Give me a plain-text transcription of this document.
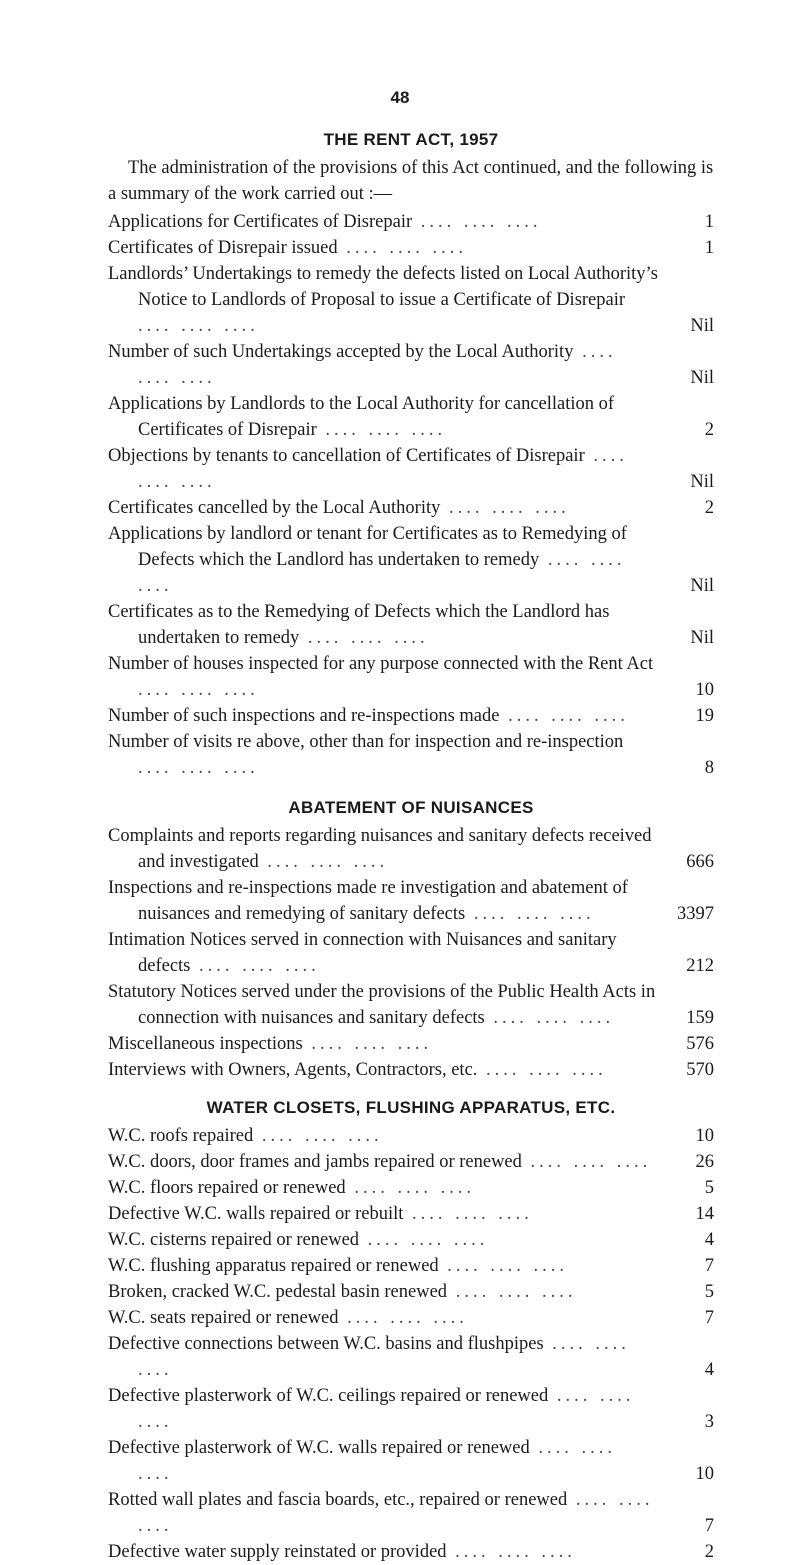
48
THE RENT ACT, 1957

The administration of the provisions of this Act continued, and the following is a summary of the work carried out :—

Applications for Certificates of Disrepair .... .... ....	1
Certificates of Disrepair issued .... .... ....	1
Landlords’ Undertakings to remedy the defects listed on Local Authority’s Notice to Landlords of Proposal to issue a Certificate of Disrepair .... .... ....	Nil
Number of such Undertakings accepted by the Local Authority .... .... ....	Nil
Applications by Landlords to the Local Authority for cancellation of Certificates of Disrepair .... .... ....	2
Objections by tenants to cancellation of Certificates of Disrepair .... .... ....	Nil
Certificates cancelled by the Local Authority .... .... ....	2
Applications by landlord or tenant for Certificates as to Remedying of Defects which the Landlord has undertaken to remedy .... .... ....	Nil
Certificates as to the Remedying of Defects which the Landlord has undertaken to remedy .... .... ....	Nil
Number of houses inspected for any purpose connected with the Rent Act .... .... ....	10
Number of such inspections and re-inspections made .... .... ....	19
Number of visits re above, other than for inspection and re-inspection .... .... ....	8
ABATEMENT OF NUISANCES
Complaints and reports regarding nuisances and sanitary defects received and investigated .... .... ....	666
Inspections and re-inspections made re investigation and abatement of nuisances and remedying of sanitary defects .... .... ....	3397
Intimation Notices served in connection with Nuisances and sanitary defects .... .... ....	212
Statutory Notices served under the provisions of the Public Health Acts in connection with nuisances and sanitary defects .... .... ....	159
Miscellaneous inspections .... .... ....	576
Interviews with Owners, Agents, Contractors, etc. .... .... ....	570
WATER CLOSETS, FLUSHING APPARATUS, ETC.
W.C. roofs repaired .... .... ....	10
W.C. doors, door frames and jambs repaired or renewed .... .... ....	26
W.C. floors repaired or renewed .... .... ....	5
Defective W.C. walls repaired or rebuilt .... .... ....	14
W.C. cisterns repaired or renewed .... .... ....	4
W.C. flushing apparatus repaired or renewed .... .... ....	7
Broken, cracked W.C. pedestal basin renewed .... .... ....	5
W.C. seats repaired or renewed .... .... ....	7
Defective connections between W.C. basins and flushpipes .... .... ....	4
Defective plasterwork of W.C. ceilings repaired or renewed .... .... ....	3
Defective plasterwork of W.C. walls repaired or renewed .... .... ....	10
Rotted wall plates and fascia boards, etc., repaired or renewed .... .... ....	7
Defective water supply reinstated or provided .... .... ....	2
